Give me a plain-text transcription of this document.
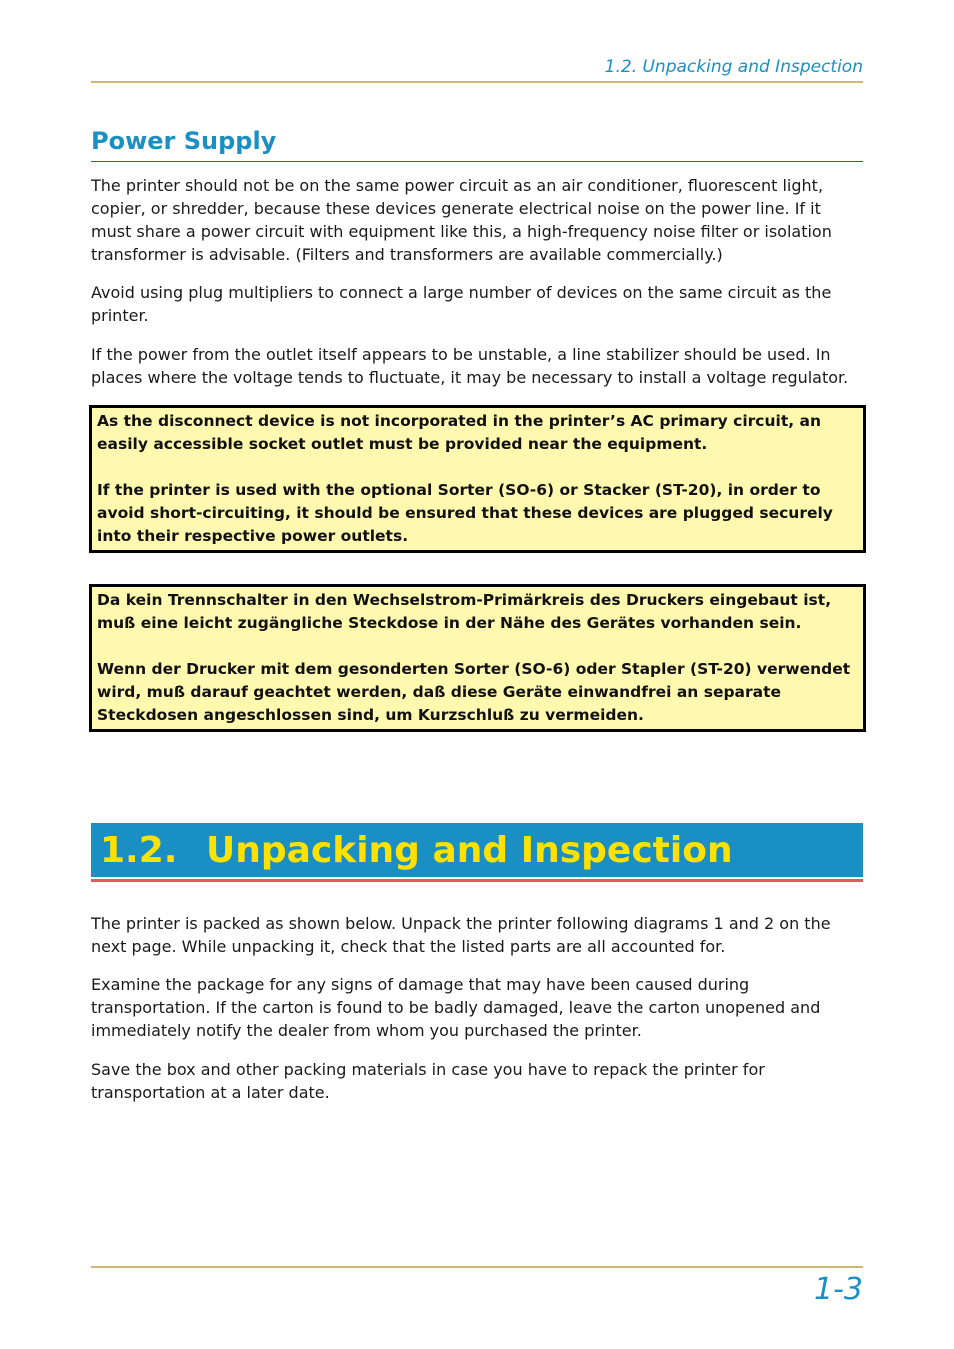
1.2. Unpacking and Inspection
Power Supply

The printer should not be on the same power circuit as an air conditioner, fluorescent light, copier, or shredder, because these devices generate electrical noise on the power line. If it must share a power circuit with equipment like this, a high-frequency noise filter or isolation transformer is advisable. (Filters and transformers are available commercially.)

Avoid using plug multipliers to connect a large number of devices on the same circuit as the printer.

If the power from the outlet itself appears to be unstable, a line stabilizer should be used. In places where the voltage tends to fluctuate, it may be necessary to install a voltage regulator.

As the disconnect device is not incorporated in the printer’s AC primary circuit, an easily accessible socket outlet must be provided near the equipment.

If the printer is used with the optional Sorter (SO-6) or Stacker (ST-20), in order to avoid short-circuiting, it should be ensured that these devices are plugged securely into their respective power outlets.

Da kein Trennschalter in den Wechselstrom-Primärkreis des Druckers eingebaut ist, muß eine leicht zugängliche Steckdose in der Nähe des Gerätes vorhanden sein.

Wenn der Drucker mit dem gesonderten Sorter (SO-6) oder Stapler (ST-20) verwendet wird, muß darauf geachtet werden, daß diese Geräte einwandfrei an separate Steckdosen angeschlossen sind, um Kurzschluß zu vermeiden.

1.2. Unpacking and Inspection

The printer is packed as shown below. Unpack the printer following diagrams 1 and 2 on the next page. While unpacking it, check that the listed parts are all accounted for.

Examine the package for any signs of damage that may have been caused during transportation. If the carton is found to be badly damaged, leave the carton unopened and immediately notify the dealer from whom you purchased the printer.

Save the box and other packing materials in case you have to repack the printer for transportation at a later date.

1-3
